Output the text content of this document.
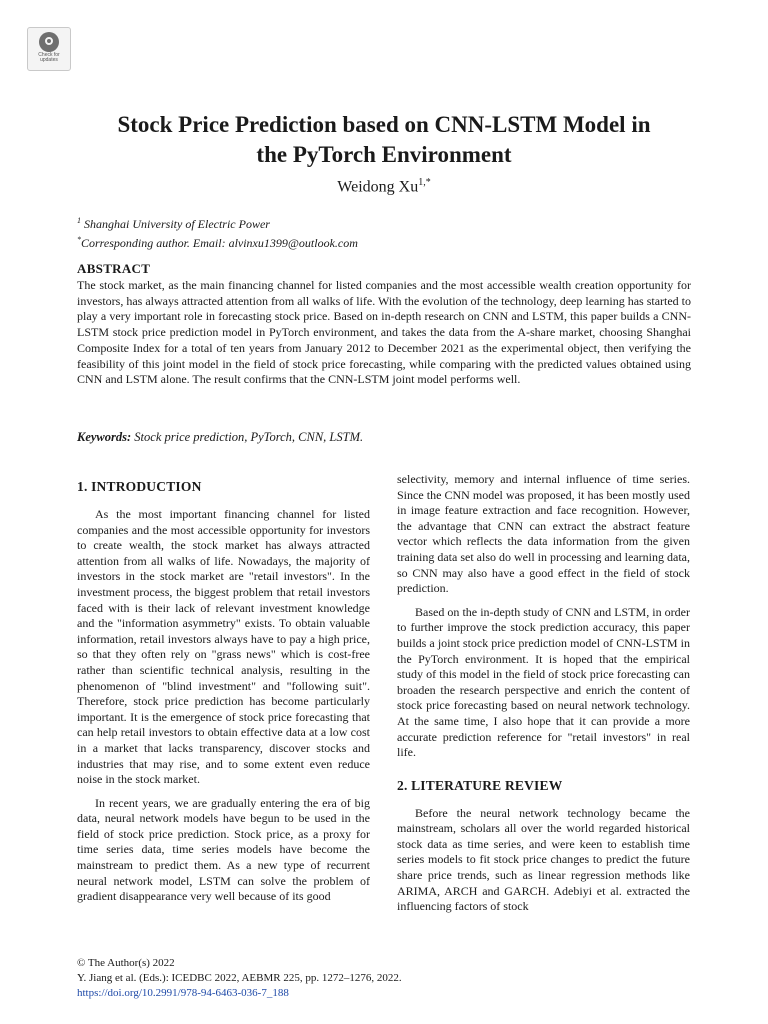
Check for
updates
Stock Price Prediction based on CNN-LSTM Model in
the PyTorch Environment
Weidong $Xu^{1,*}$

$^1$ Shanghai University of Electric Power
*Corresponding author. Email: alvinxu1399@outlook.com

ABSTRACT

The stock market, as the main financing channel for listed companies and the most accessible wealth creation opportunity for investors, has always attracted attention from all walks of life. With the evolution of the technology, deep learning has started to play a very important role in forecasting stock price. Based on in-depth research on CNN and LSTM, this paper builds a CNN-LSTM stock price prediction model in PyTorch environment, and takes the data from the A-share market, choosing Shanghai Composite Index for a total of ten years from January 2012 to December 2021 as the experimental object, then verifying the feasibility of this joint model in the field of stock price forecasting, while comparing with the predicted values obtained using CNN and LSTM alone. The result confirms that the CNN-LSTM joint model performs well.

Keywords: Stock price prediction, PyTorch, CNN, LSTM.
1. INTRODUCTION

As the most important financing channel for listed companies and the most accessible opportunity for investors to create wealth, the stock market has always attracted attention from all walks of life. Nowadays, the majority of investors in the stock market are "retail investors". In the investment process, the biggest problem that retail investors faced with is their lack of relevant investment knowledge and the "information asymmetry" exists. To obtain valuable information, retail investors always have to pay a high price, so that they often rely on "grass news" which is cost-free rather than scientific technical analysis, resulting in the phenomenon of "blind investment" and "following suit". Therefore, stock price prediction has become particularly important. It is the emergence of stock price forecasting that can help retail investors to obtain effective data at a low cost in a market that lacks transparency, discover stocks and industries that may rise, and to some extent even reduce noise in the stock market.

In recent years, we are gradually entering the era of big data, neural network models have begun to be used in the field of stock price prediction. Stock price, as a proxy for time series data, time series models have become the mainstream to predict them. As a new type of recurrent neural network model, LSTM can solve the problem of gradient disappearance very well because of its good

selectivity, memory and internal influence of time series. Since the CNN model was proposed, it has been mostly used in image feature extraction and face recognition. However, the advantage that CNN can extract the abstract feature vector which reflects the data information from the given training data set also do well in processing and learning data, so CNN may also have a good effect in the field of stock prediction.

Based on the in-depth study of CNN and LSTM, in order to further improve the stock prediction accuracy, this paper builds a joint stock price prediction model of CNN-LSTM in the PyTorch environment. It is hoped that the empirical study of this model in the field of stock price forecasting can broaden the research perspective and enrich the content of stock price forecasting based on neural network technology. At the same time, I also hope that it can provide a more accurate prediction reference for "retail investors" in real life.

2. LITERATURE REVIEW

Before the neural network technology became the mainstream, scholars all over the world regarded historical stock data as time series, and were keen to establish time series models to fit stock price changes to predict the future share price trends, such as linear regression methods like ARIMA, ARCH and GARCH. Adebiyi et al. extracted the influencing factors of stock

© The Author(s) 2022
Y. Jiang et al. (Eds.): ICEDBC 2022, AEBMR 225, pp. 1272–1276, 2022.
https://doi.org/10.2991/978-94-6463-036-7_188
